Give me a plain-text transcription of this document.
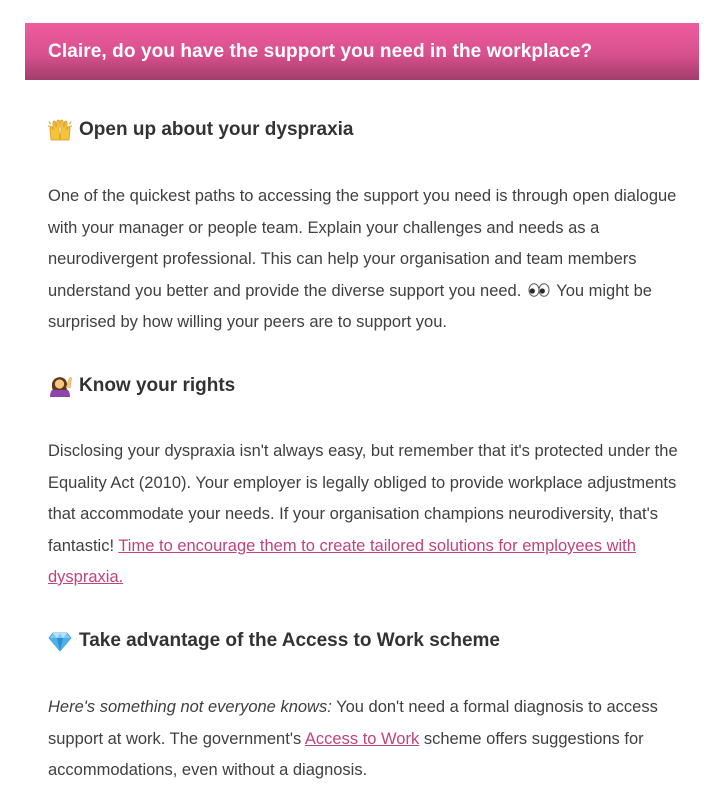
Claire, do you have the support you need in the workplace?
Open up about your dyspraxia

One of the quickest paths to accessing the support you need is through open dialogue with your manager or people team. Explain your challenges and needs as a neurodivergent professional. This can help your organisation and team members understand you better and provide the diverse support you need. You might be surprised by how willing your peers are to support you.

Know your rights

Disclosing your dyspraxia isn't always easy, but remember that it's protected under the Equality Act (2010). Your employer is legally obliged to provide workplace adjustments that accommodate your needs. If your organisation champions neurodiversity, that's fantastic! Time to encourage them to create tailored solutions for employees with dyspraxia.

Take advantage of the Access to Work scheme

Here's something not everyone knows: You don't need a formal diagnosis to access support at work. The government's Access to Work scheme offers suggestions for accommodations, even without a diagnosis.
